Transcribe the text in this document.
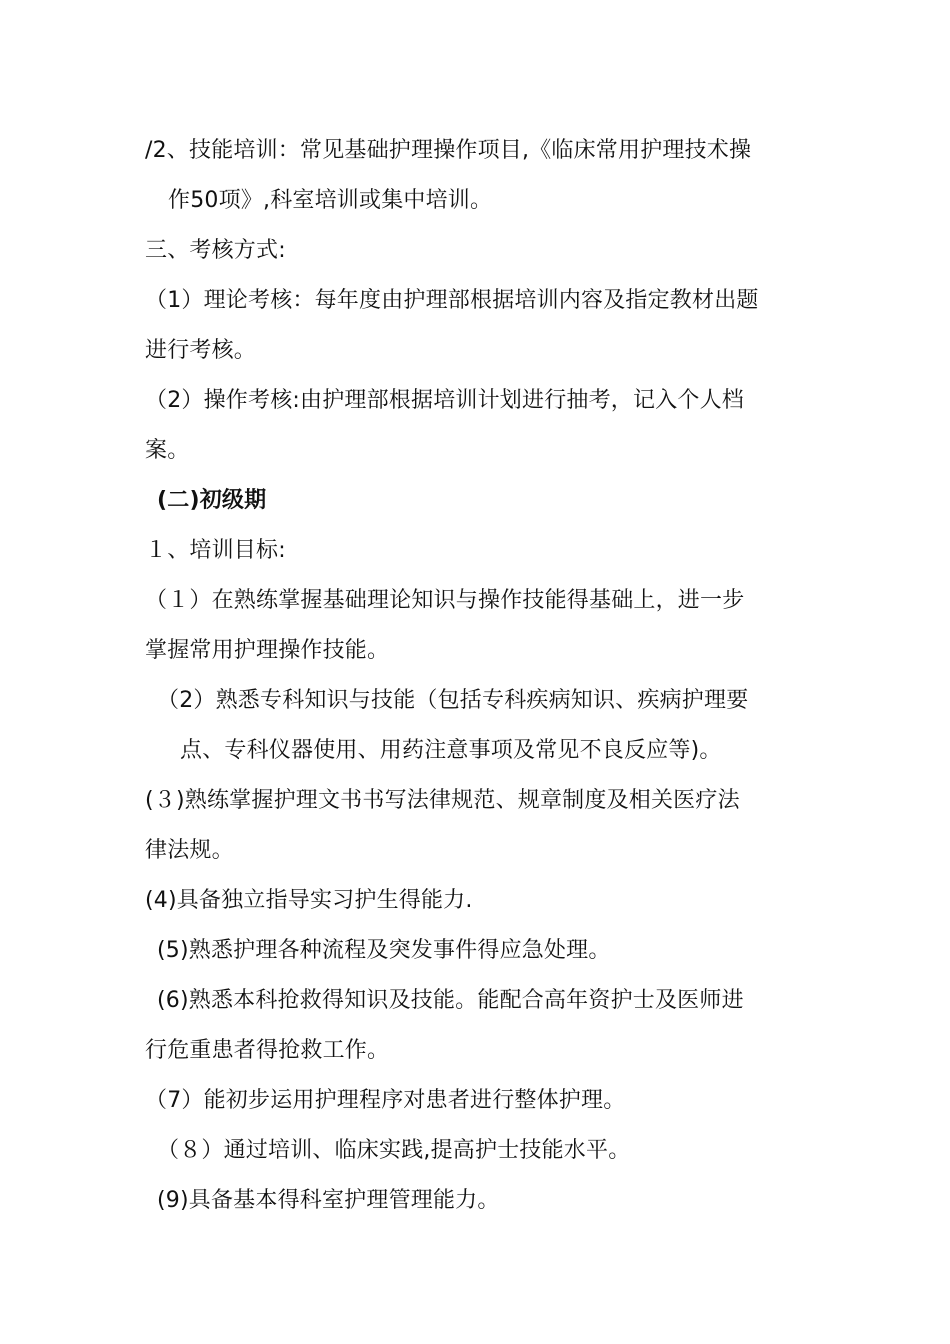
/2、技能培训：常见基础护理操作项目,《临床常用护理技术操
作50项》,科室培训或集中培训。
三、考核方式:
（1）理论考核：每年度由护理部根据培训内容及指定教材出题
进行考核。
（2）操作考核:由护理部根据培训计划进行抽考，记入个人档
案。
(二)初级期
１、培训目标:
（１）在熟练掌握基础理论知识与操作技能得基础上，进一步
掌握常用护理操作技能。
（2）熟悉专科知识与技能（包括专科疾病知识、疾病护理要
点、专科仪器使用、用药注意事项及常见不良反应等)。
(３)熟练掌握护理文书书写法律规范、规章制度及相关医疗法
律法规。
(4)具备独立指导实习护生得能力.
(5)熟悉护理各种流程及突发事件得应急处理。
(6)熟悉本科抢救得知识及技能。能配合高年资护士及医师进
行危重患者得抢救工作。
（7）能初步运用护理程序对患者进行整体护理。
（８）通过培训、临床实践,提高护士技能水平。
(9)具备基本得科室护理管理能力。
